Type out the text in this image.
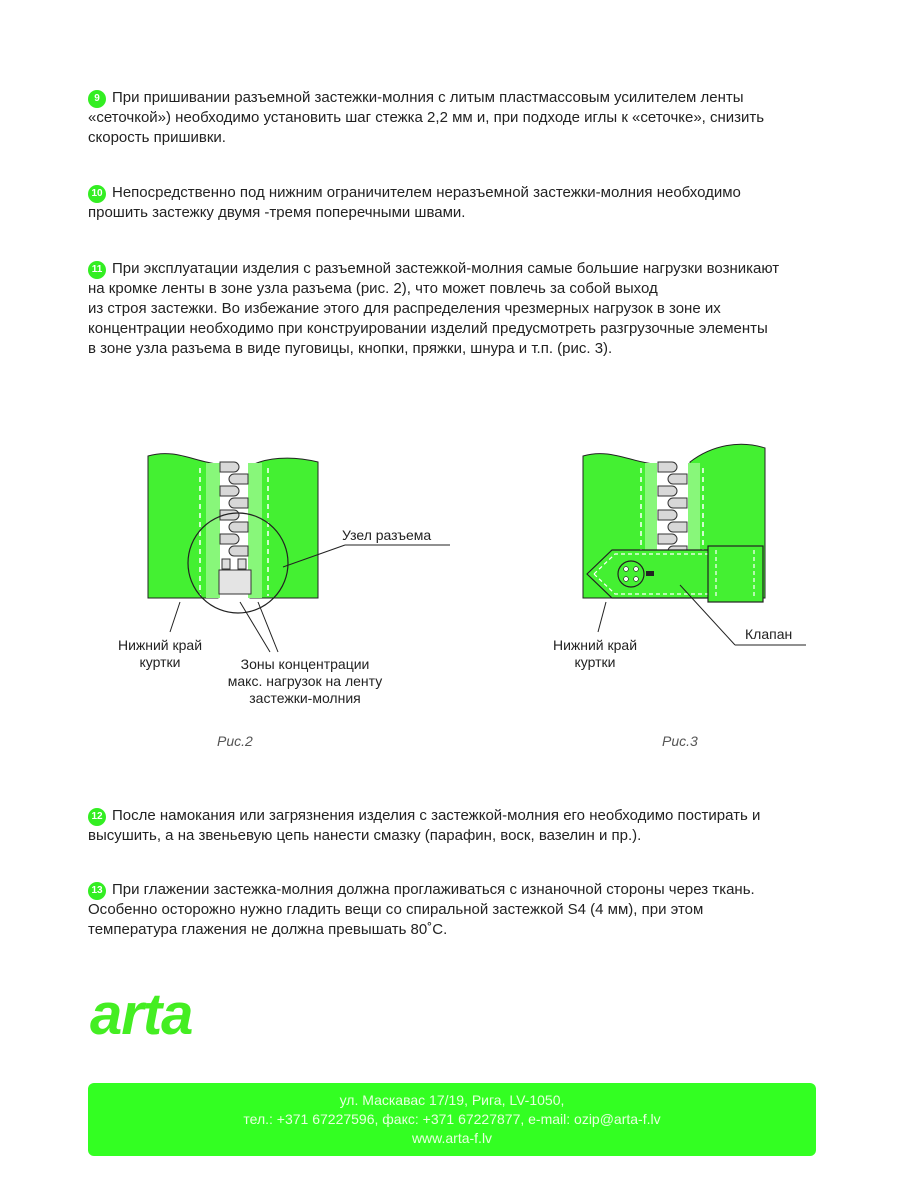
9 При пришивании разъемной застежки-молния с литым пластмассовым усилителем ленты
«сеточкой») необходимо установить шаг стежка 2,2 мм и, при подходе иглы к «сеточке», снизить
скорость пришивки.
10 Непосредственно под нижним ограничителем неразъемной застежки-молния необходимо
прошить застежку двумя -тремя поперечными швами.
11 При эксплуатации изделия с разъемной застежкой-молния самые большие нагрузки возникают
на кромке ленты в зоне узла разъема (рис. 2), что может повлечь за собой выход
из строя застежки. Во избежание этого для распределения чрезмерных нагрузок в зоне их
концентрации необходимо при конструировании изделий предусмотреть разгрузочные элементы
в зоне узла разъема в виде пуговицы, кнопки, пряжки, шнура и т.п. (рис. 3).
Узел разъема
Нижний край
куртки	Зоны концентрации
макс. нагрузок на ленту
застежки-молния
Рис.2
Нижний край
куртки
Клапан
Рис.3
12 После намокания или загрязнения изделия с застежкой-молния его необходимо постирать и
высушить, а на звеньевую цепь нанести смазку (парафин, воск, вазелин и пр.).
13 При глажении застежка-молния должна проглаживаться с изнаночной стороны через ткань.
Особенно осторожно нужно гладить вещи со спиральной застежкой S4 (4 мм), при этом
температура глажения не должна превышать 80˚С.
arta
ул. Маскавас 17/19, Рига, LV-1050,
тел.: +371 67227596, факс: +371 67227877, e-mail: ozip@arta-f.lv
www.arta-f.lv
